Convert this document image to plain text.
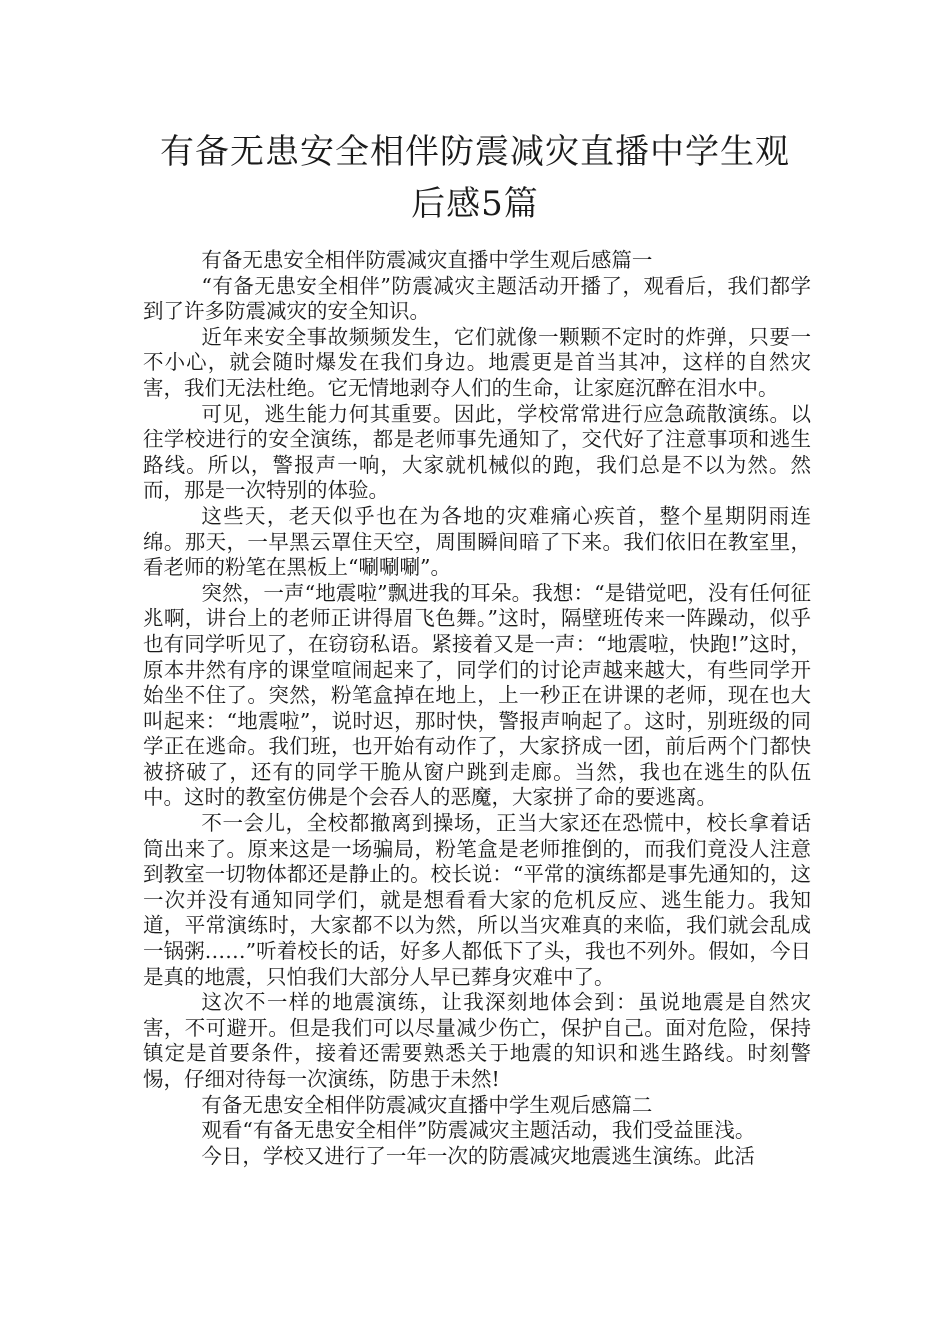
有备无患安全相伴防震减灾直播中学生观
后感5篇

有备无患安全相伴防震减灾直播中学生观后感篇一

“有备无患安全相伴”防震减灾主题活动开播了，观看后，我们都学到了许多防震减灾的安全知识。

近年来安全事故频频发生，它们就像一颗颗不定时的炸弹，只要一不小心，就会随时爆发在我们身边。地震更是首当其冲，这样的自然灾害，我们无法杜绝。它无情地剥夺人们的生命，让家庭沉醉在泪水中。

可见，逃生能力何其重要。因此，学校常常进行应急疏散演练。以往学校进行的安全演练，都是老师事先通知了，交代好了注意事项和逃生路线。所以，警报声一响，大家就机械似的跑，我们总是不以为然。然而，那是一次特别的体验。

这些天，老天似乎也在为各地的灾难痛心疾首，整个星期阴雨连绵。那天，一早黑云罩住天空，周围瞬间暗了下来。我们依旧在教室里，看老师的粉笔在黑板上“唰唰唰”。

突然，一声“地震啦”飘进我的耳朵。我想：“是错觉吧，没有任何征兆啊，讲台上的老师正讲得眉飞色舞。”这时，隔壁班传来一阵躁动，似乎也有同学听见了，在窃窃私语。紧接着又是一声：“地震啦，快跑!”这时，原本井然有序的课堂喧闹起来了，同学们的讨论声越来越大，有些同学开始坐不住了。突然，粉笔盒掉在地上，上一秒正在讲课的老师，现在也大叫起来：“地震啦”，说时迟，那时快，警报声响起了。这时，别班级的同学正在逃命。我们班，也开始有动作了，大家挤成一团，前后两个门都快被挤破了，还有的同学干脆从窗户跳到走廊。当然，我也在逃生的队伍中。这时的教室仿佛是个会吞人的恶魔，大家拼了命的要逃离。

不一会儿，全校都撤离到操场，正当大家还在恐慌中，校长拿着话筒出来了。原来这是一场骗局，粉笔盒是老师推倒的，而我们竟没人注意到教室一切物体都还是静止的。校长说：“平常的演练都是事先通知的，这一次并没有通知同学们，就是想看看大家的危机反应、逃生能力。我知道，平常演练时，大家都不以为然，所以当灾难真的来临，我们就会乱成一锅粥……”听着校长的话，好多人都低下了头，我也不列外。假如，今日是真的地震，只怕我们大部分人早已葬身灾难中了。

这次不一样的地震演练，让我深刻地体会到：虽说地震是自然灾害，不可避开。但是我们可以尽量减少伤亡，保护自己。面对危险，保持镇定是首要条件，接着还需要熟悉关于地震的知识和逃生路线。时刻警惕，仔细对待每一次演练，防患于未然!

有备无患安全相伴防震减灾直播中学生观后感篇二

观看“有备无患安全相伴”防震减灾主题活动，我们受益匪浅。

今日，学校又进行了一年一次的防震减灾地震逃生演练。此活
